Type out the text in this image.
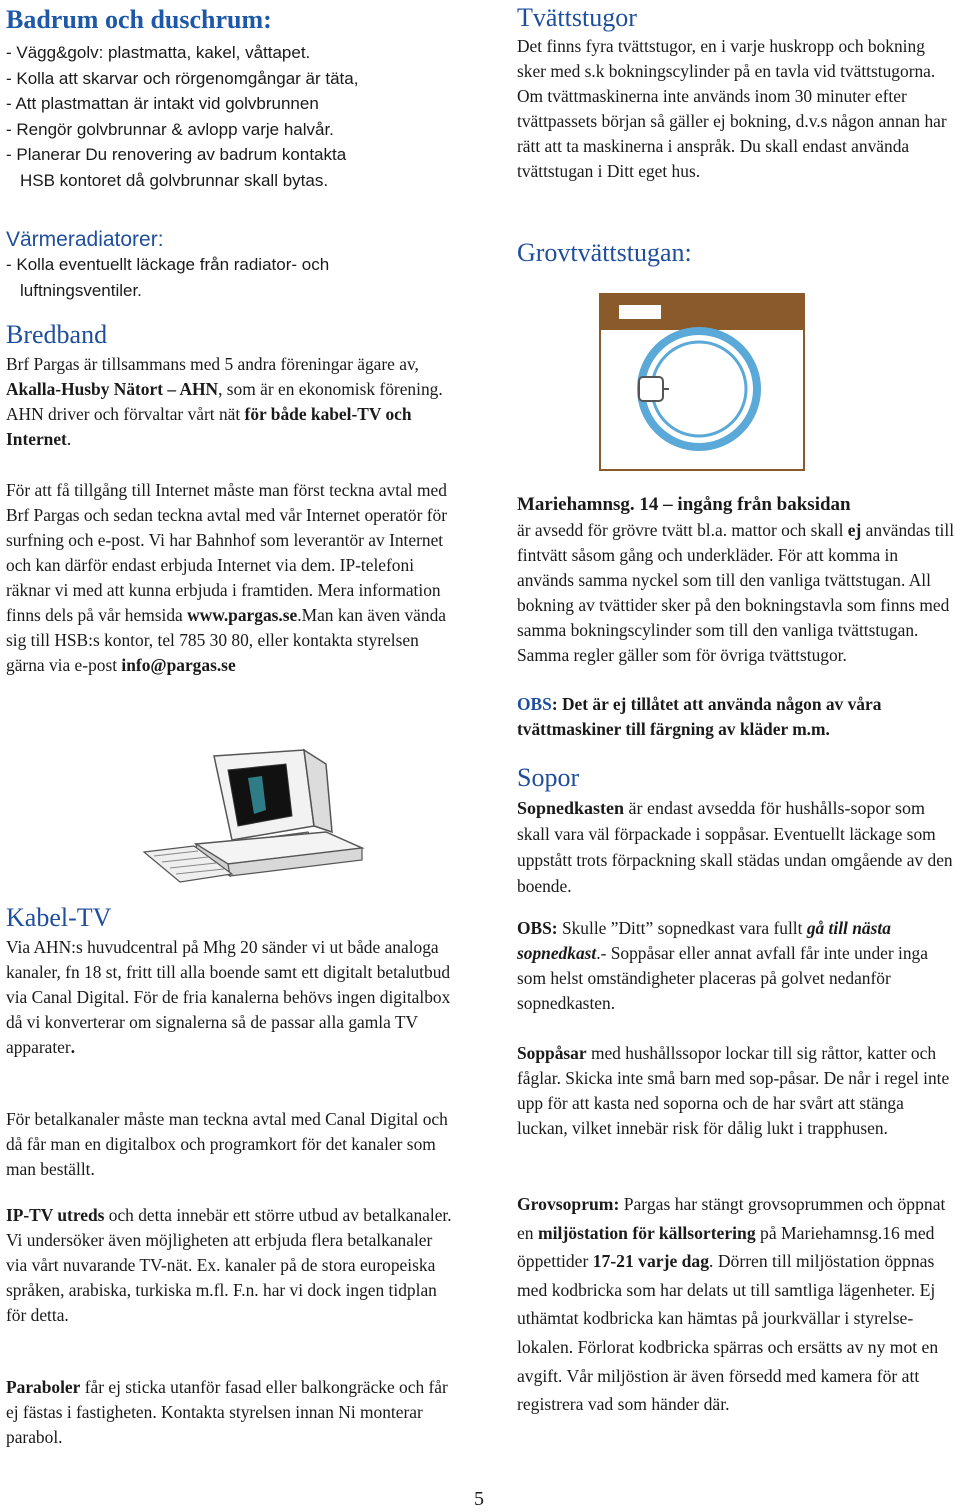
Badrum och duschrum:
- Vägg&golv: plastmatta, kakel, våttapet.
- Kolla att skarvar och rörgenomgångar är täta,
- Att plastmattan är intakt vid golvbrunnen
- Rengör golvbrunnar & avlopp varje halvår.
- Planerar Du renovering av badrum kontakta
HSB kontoret då golvbrunnar skall bytas.
Värmeradiatorer:
- Kolla eventuellt läckage från radiator- och
luftningsventiler.
Bredband
Brf Pargas är tillsammans med 5 andra föreningar ägare av, Akalla-Husby Nätort – AHN, som är en ekonomisk förening. AHN driver och förvaltar vårt nät för både kabel-TV och Internet.
För att få tillgång till Internet måste man först teckna avtal med Brf Pargas och sedan teckna avtal med vår Internet operatör för surfning och e-post. Vi har Bahnhof som leverantör av Internet och kan därför endast erbjuda Internet via dem. IP-telefoni räknar vi med att kunna erbjuda i framtiden. Mera information finns dels på vår hemsida www.pargas.se.Man kan även vända sig till HSB:s kontor, tel 785 30 80, eller kontakta styrelsen gärna via e-post info@pargas.se
Kabel-TV
Via AHN:s huvudcentral på Mhg 20 sänder vi ut både analoga kanaler, fn 18 st, fritt till alla boende samt ett digitalt betalutbud via Canal Digital. För de fria kanalerna behövs ingen digitalbox då vi konverterar om signalerna så de passar alla gamla TV apparater.
För betalkanaler måste man teckna avtal med Canal Digital och då får man en digitalbox och programkort för det kanaler som man beställt.
IP-TV utreds och detta innebär ett större utbud av betalkanaler. Vi undersöker även möjligheten att erbjuda flera betalkanaler via vårt nuvarande TV-nät. Ex. kanaler på de stora europeiska språken, arabiska, turkiska m.fl. F.n. har vi dock ingen tidplan för detta.
Paraboler får ej sticka utanför fasad eller balkongräcke och får ej fästas i fastigheten. Kontakta styrelsen innan Ni monterar parabol.
Tvättstugor
Det finns fyra tvättstugor, en i varje huskropp och bokning sker med s.k bokningscylinder på en tavla vid tvättstugorna. Om tvättmaskinerna inte används inom 30 minuter efter tvättpassets början så gäller ej bokning, d.v.s någon annan har rätt att ta maskinerna i anspråk. Du skall endast använda tvättstugan i Ditt eget hus.
Grovtvättstugan:
Mariehamnsg. 14 – ingång från baksidan
är avsedd för grövre tvätt bl.a. mattor och skall ej användas till fintvätt såsom gång och underkläder. För att komma in används samma nyckel som till den vanliga tvättstugan. All bokning av tvättider sker på den bokningstavla som finns med samma bokningscylinder som till den vanliga tvättstugan. Samma regler gäller som för övriga tvättstugor.
OBS: Det är ej tillåtet att använda någon av våra tvättmaskiner till färgning av kläder m.m.
Sopor
Sopnedkasten är endast avsedda för hushålls-sopor som skall vara väl förpackade i soppåsar. Eventuellt läckage som uppstått trots förpackning skall städas undan omgående av den boende.
OBS: Skulle ”Ditt” sopnedkast vara fullt gå till nästa sopnedkast.- Soppåsar eller annat avfall får inte under inga som helst omständigheter placeras på golvet nedanför sopnedkasten.
Soppåsar med hushållssopor lockar till sig råttor, katter och fåglar. Skicka inte små barn med sop-påsar. De når i regel inte upp för att kasta ned soporna och de har svårt att stänga luckan, vilket innebär risk för dålig lukt i trapphusen.
Grovsoprum: Pargas har stängt grovsoprummen och öppnat en miljöstation för källsortering på Mariehamnsg.16 med öppettider 17-21 varje dag. Dörren till miljöstation öppnas med kodbricka som har delats ut till samtliga lägenheter. Ej uthämtat kodbricka kan hämtas på jourkvällar i styrelse-lokalen. Förlorat kodbricka spärras och ersätts av ny mot en avgift. Vår miljöstion är även försedd med kamera för att registrera vad som händer där.
5
